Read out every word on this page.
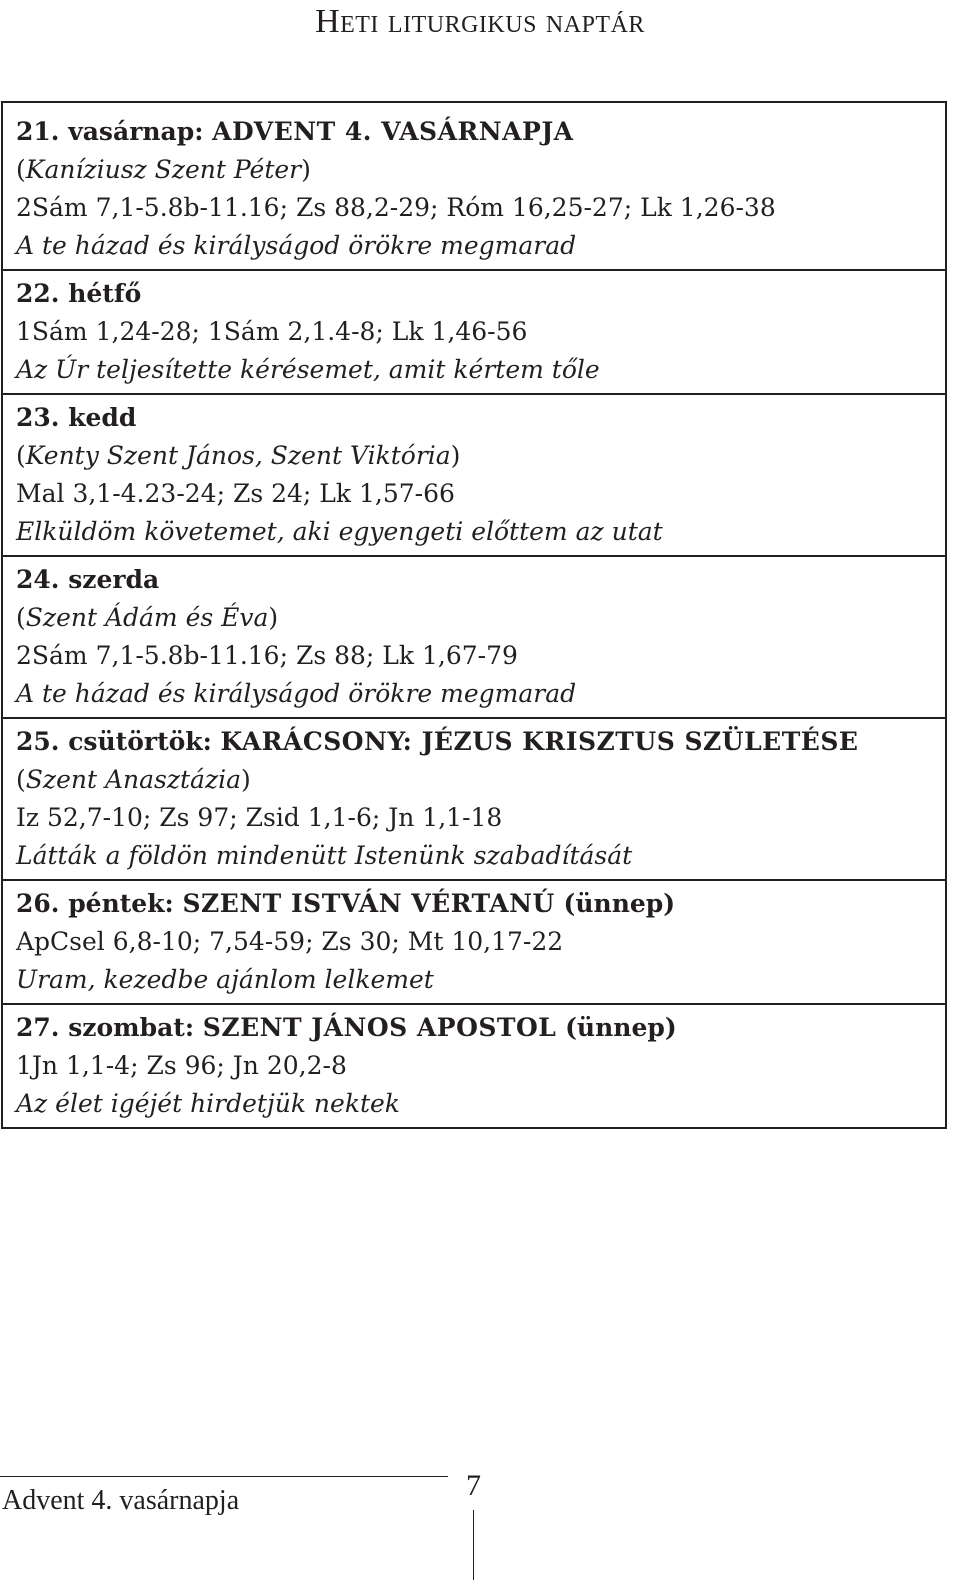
Heti liturgikus naptár
21. vasárnap: ADVENT 4. VASÁRNAPJA
(Kaníziusz Szent Péter)
2Sám 7,1-5.8b-11.16; Zs 88,2-29; Róm 16,25-27; Lk 1,26-38
A te házad és királyságod örökre megmarad
22. hétfő
1Sám 1,24-28; 1Sám 2,1.4-8; Lk 1,46-56
Az Úr teljesítette kérésemet, amit kértem tőle
23. kedd
(Kenty Szent János, Szent Viktória)
Mal 3,1-4.23-24; Zs 24; Lk 1,57-66
Elküldöm követemet, aki egyengeti előttem az utat
24. szerda
(Szent Ádám és Éva)
2Sám 7,1-5.8b-11.16; Zs 88; Lk 1,67-79
A te házad és királyságod örökre megmarad
25. csütörtök: KARÁCSONY: JÉZUS KRISZTUS SZÜLETÉSE
(Szent Anasztázia)
Iz 52,7-10; Zs 97; Zsid 1,1-6; Jn 1,1-18
Látták a földön mindenütt Istenünk szabadítását
26. péntek: SZENT ISTVÁN VÉRTANÚ (ünnep)
ApCsel 6,8-10; 7,54-59; Zs 30; Mt 10,17-22
Uram, kezedbe ajánlom lelkemet
27. szombat: SZENT JÁNOS APOSTOL (ünnep)
1Jn 1,1-4; Zs 96; Jn 20,2-8
Az élet igéjét hirdetjük nektek
Advent 4. vasárnapja	7
